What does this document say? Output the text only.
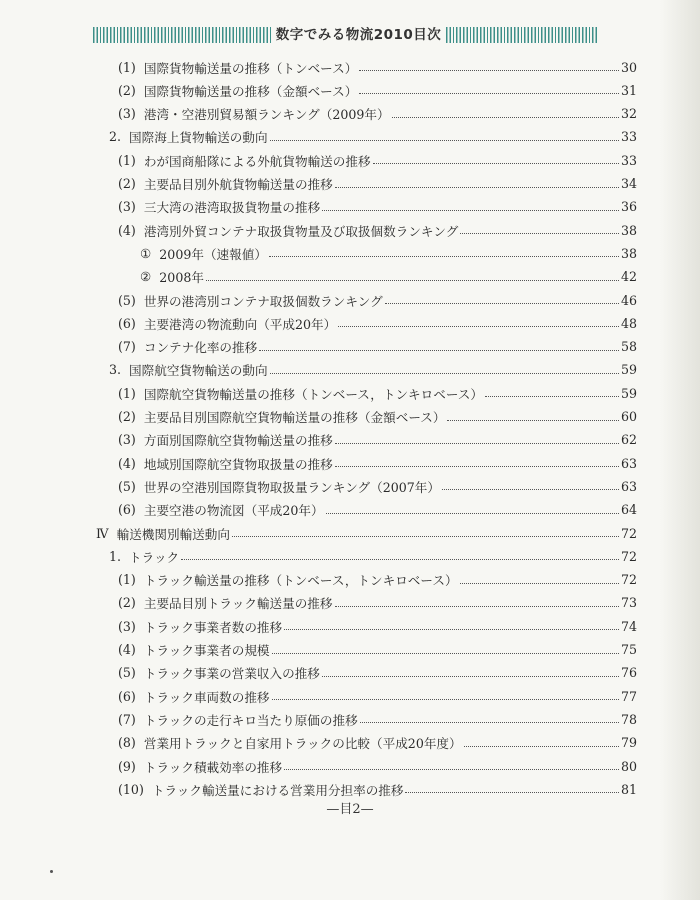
数字でみる物流2010目次
(1) 国際貨物輸送量の推移（トンベース）	30
(2) 国際貨物輸送量の推移（金額ベース）	31
(3) 港湾・空港別貿易額ランキング（2009年）	32
2. 国際海上貨物輸送の動向	33
(1) わが国商船隊による外航貨物輸送の推移	33
(2) 主要品目別外航貨物輸送量の推移	34
(3) 三大湾の港湾取扱貨物量の推移	36
(4) 港湾別外貿コンテナ取扱貨物量及び取扱個数ランキング	38
① 2009年（速報値）	38
② 2008年	42
(5) 世界の港湾別コンテナ取扱個数ランキング	46
(6) 主要港湾の物流動向（平成20年）	48
(7) コンテナ化率の推移	58
3. 国際航空貨物輸送の動向	59
(1) 国際航空貨物輸送量の推移（トンベース，トンキロベース）	59
(2) 主要品目別国際航空貨物輸送量の推移（金額ベース）	60
(3) 方面別国際航空貨物輸送量の推移	62
(4) 地域別国際航空貨物取扱量の推移	63
(5) 世界の空港別国際貨物取扱量ランキング（2007年）	63
(6) 主要空港の物流図（平成20年）	64
Ⅳ 輸送機関別輸送動向	72
1. トラック	72
(1) トラック輸送量の推移（トンベース，トンキロベース）	72
(2) 主要品目別トラック輸送量の推移	73
(3) トラック事業者数の推移	74
(4) トラック事業者の規模	75
(5) トラック事業の営業収入の推移	76
(6) トラック車両数の推移	77
(7) トラックの走行キロ当たり原価の推移	78
(8) 営業用トラックと自家用トラックの比較（平成20年度）	79
(9) トラック積載効率の推移	80
(10) トラック輸送量における営業用分担率の推移	81
—目2—
